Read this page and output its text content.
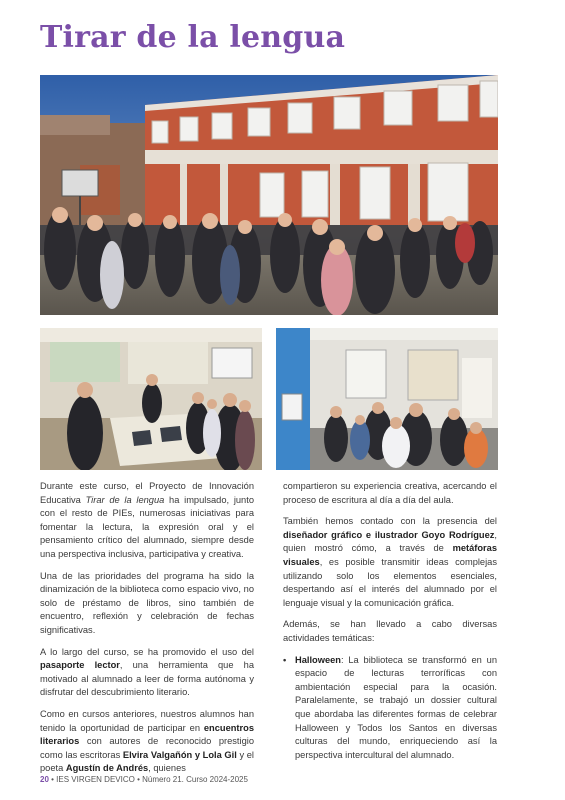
Tirar de la lengua

Durante este curso, el Proyecto de Innovación Educativa Tirar de la lengua ha impulsado, junto con el resto de PIEs, numerosas iniciativas para fomentar la lectura, la expresión oral y el pensamiento crítico del alumnado, siempre desde una perspectiva inclusiva, participativa y creativa.

Una de las prioridades del programa ha sido la dinamización de la biblioteca como espacio vivo, no solo de préstamo de libros, sino también de encuentro, reflexión y celebración de fechas significativas.

A lo largo del curso, se ha promovido el uso del pasaporte lector, una herramienta que ha motivado al alumnado a leer de forma autónoma y disfrutar del descubrimiento literario.

Como en cursos anteriores, nuestros alumnos han tenido la oportunidad de participar en encuentros literarios con autores de reconocido prestigio como las escritoras Elvira Valgañón y Lola Gil y el poeta Agustín de Andrés, quienes

compartieron su experiencia creativa, acercando el proceso de escritura al día a día del aula.

También hemos contado con la presencia del diseñador gráfico e ilustrador Goyo Rodríguez, quien mostró cómo, a través de metáforas visuales, es posible transmitir ideas complejas utilizando solo los elementos esenciales, despertando así el interés del alumnado por el lenguaje visual y la comunicación gráfica.

Además, se han llevado a cabo diversas actividades temáticas:

• Halloween: La biblioteca se transformó en un espacio de lecturas terroríficas con ambientación especial para la ocasión. Paralelamente, se trabajó un dossier cultural que abordaba las diferentes formas de celebrar Halloween y Todos los Santos en diversas culturas del mundo, enriqueciendo así la perspectiva intercultural del alumnado.
20 • IES VIRGEN DEVICO • Número 21. Curso 2024-2025
